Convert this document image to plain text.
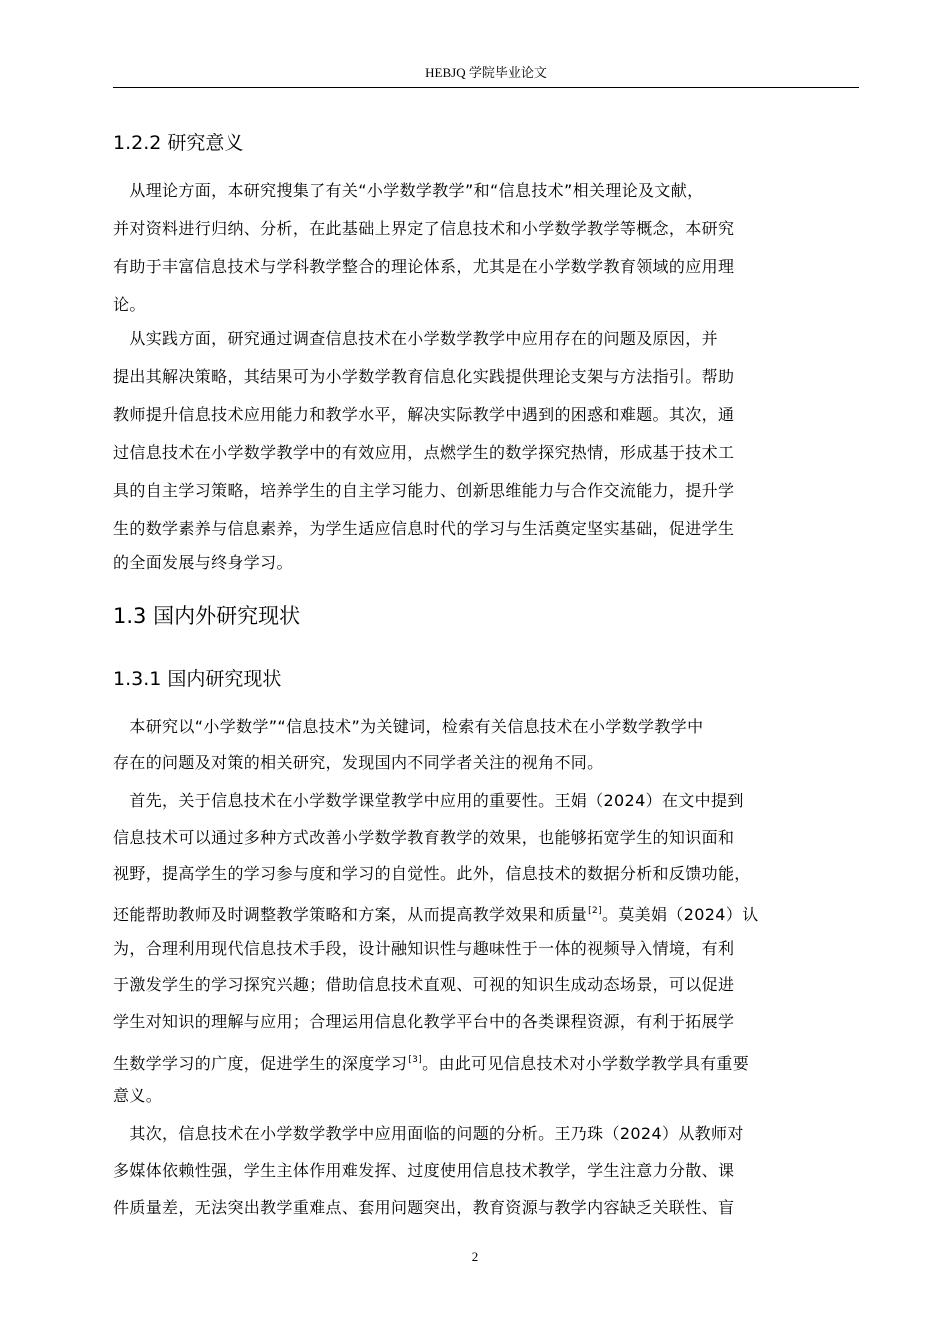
HEBJQ 学院毕业论文
1.2.2 研究意义
　从理论方面，本研究搜集了有关“小学数学教学”和“信息技术”相关理论及文献，
并对资料进行归纳、分析，在此基础上界定了信息技术和小学数学教学等概念，本研究
有助于丰富信息技术与学科教学整合的理论体系，尤其是在小学数学教育领域的应用理
论。
　从实践方面，研究通过调查信息技术在小学数学教学中应用存在的问题及原因，并
提出其解决策略，其结果可为小学数学教育信息化实践提供理论支架与方法指引。帮助
教师提升信息技术应用能力和教学水平，解决实际教学中遇到的困惑和难题。其次，通
过信息技术在小学数学教学中的有效应用，点燃学生的数学探究热情，形成基于技术工
具的自主学习策略，培养学生的自主学习能力、创新思维能力与合作交流能力，提升学
生的数学素养与信息素养，为学生适应信息时代的学习与生活奠定坚实基础，促进学生
的全面发展与终身学习。
1.3 国内外研究现状
1.3.1 国内研究现状
　本研究以“小学数学”“信息技术”为关键词，检索有关信息技术在小学数学教学中
存在的问题及对策的相关研究，发现国内不同学者关注的视角不同。
　首先，关于信息技术在小学数学课堂教学中应用的重要性。王娟（2024）在文中提到
信息技术可以通过多种方式改善小学数学教育教学的效果，也能够拓宽学生的知识面和
视野，提高学生的学习参与度和学习的自觉性。此外，信息技术的数据分析和反馈功能，
还能帮助教师及时调整教学策略和方案，从而提高教学效果和质量[2]。莫美娟（2024）认
为，合理利用现代信息技术手段，设计融知识性与趣味性于一体的视频导入情境，有利
于激发学生的学习探究兴趣；借助信息技术直观、可视的知识生成动态场景，可以促进
学生对知识的理解与应用；合理运用信息化教学平台中的各类课程资源，有利于拓展学
生数学学习的广度，促进学生的深度学习[3]。由此可见信息技术对小学数学教学具有重要
意义。
　其次，信息技术在小学数学教学中应用面临的问题的分析。王乃珠（2024）从教师对
多媒体依赖性强，学生主体作用难发挥、过度使用信息技术教学，学生注意力分散、课
件质量差，无法突出教学重难点、套用问题突出，教育资源与教学内容缺乏关联性、盲
2
